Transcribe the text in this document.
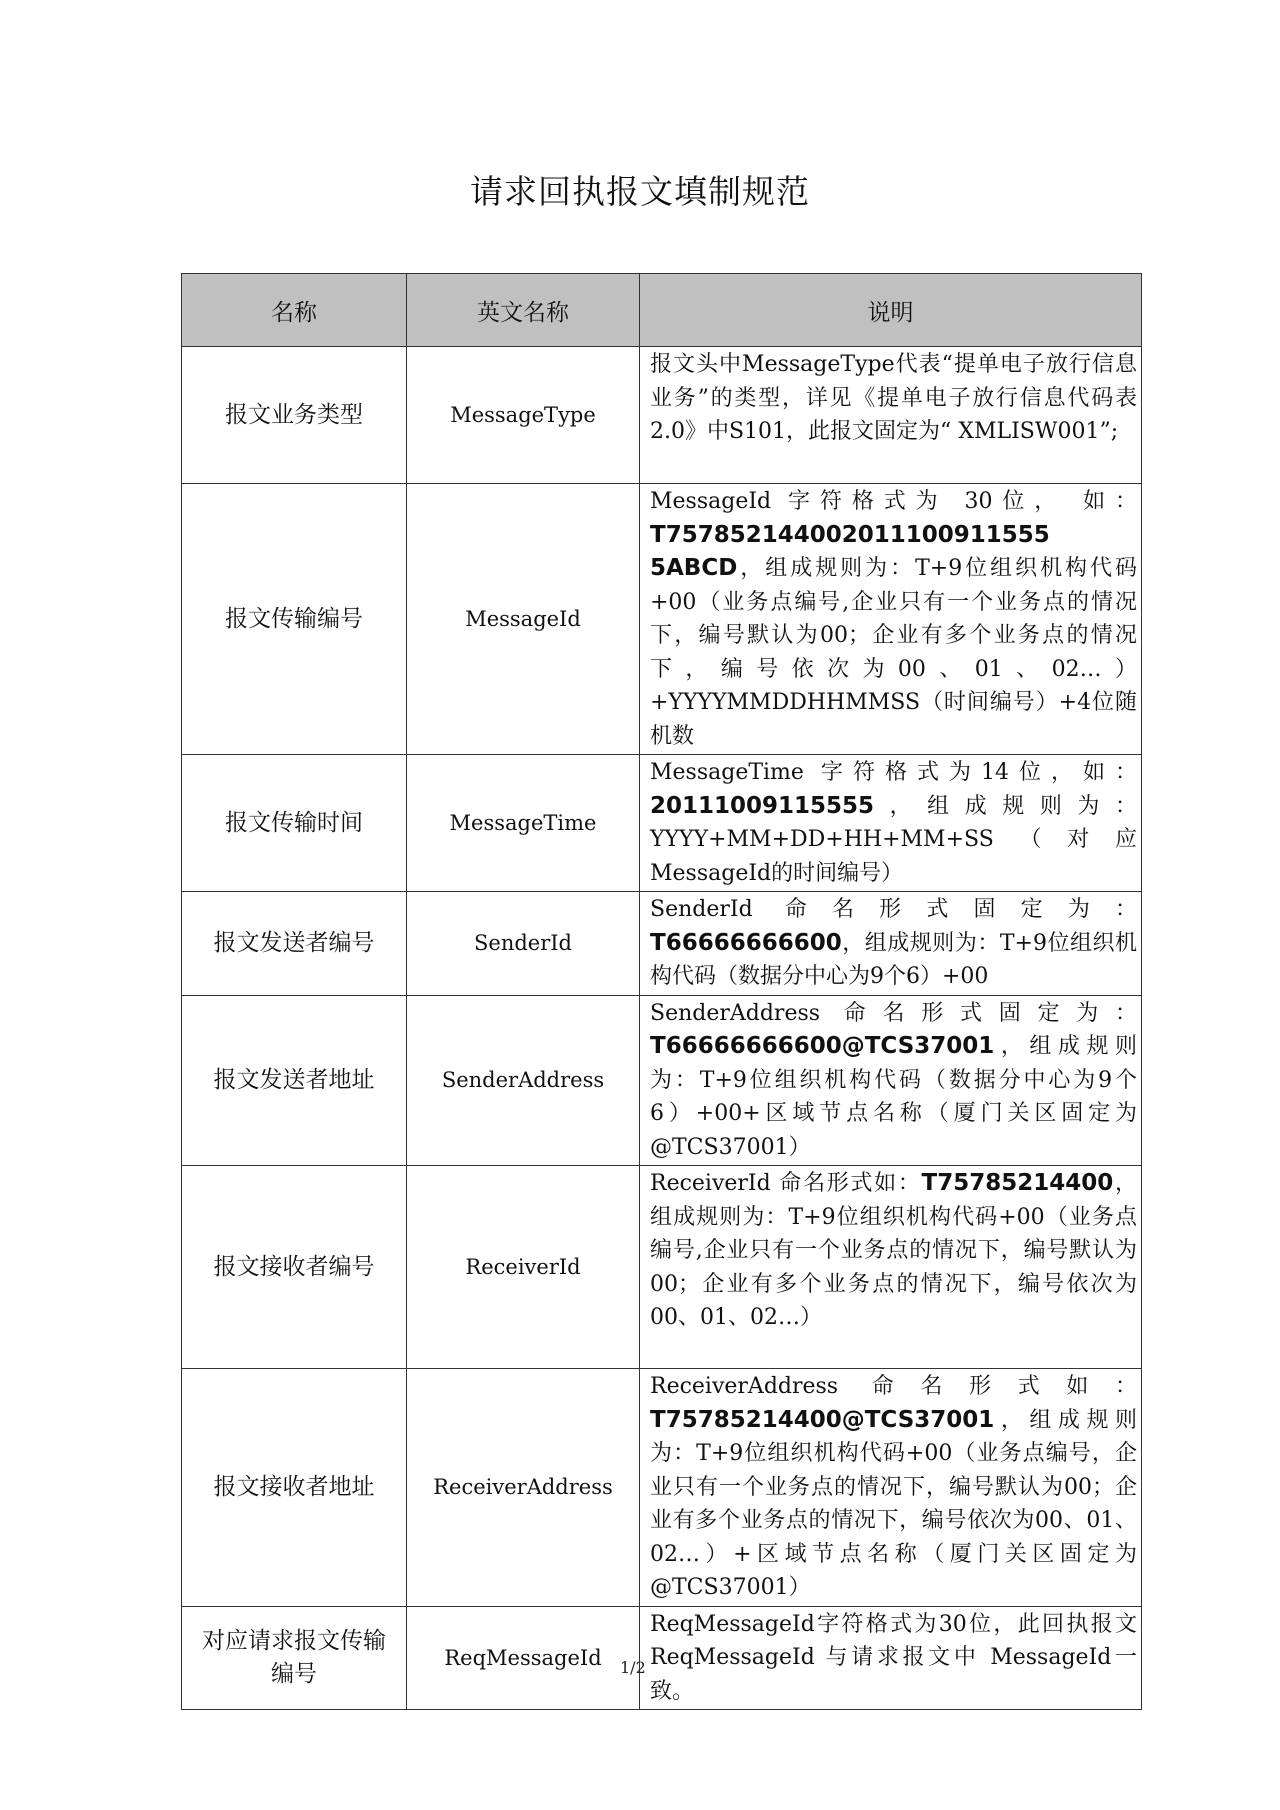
请求回执报文填制规范
名称	英文名称	说明
报文业务类型	MessageType	报文头中MessageType代表“提单电子放行信息业务”的类型，详见《提单电子放行信息代码表2.0》中S101，此报文固定为“ XMLISW001”;
报文传输编号	MessageId	MessageId 字符格式为 30位， 如：T757852144002011100911555 5ABCD，组成规则为：T+9位组织机构代码+00（业务点编号,企业只有一个业务点的情况下，编号默认为00；企业有多个业务点的情况下，编号依次为00、01、02…）+YYYYMMDDHHMMSS（时间编号）+4位随机数
报文传输时间	MessageTime	MessageTime 字符格式为14位，如：20111009115555，组成规则为：YYYY+MM+DD+HH+MM+SS（对应MessageId的时间编号）
报文发送者编号	SenderId	SenderId 命名形式固定为：T66666666600，组成规则为：T+9位组织机构代码（数据分中心为9个6）+00
报文发送者地址	SenderAddress	SenderAddress 命名形式固定为：T66666666600@TCS37001，组成规则为：T+9位组织机构代码（数据分中心为9个6）+00+区域节点名称（厦门关区固定为@TCS37001）
报文接收者编号	ReceiverId	ReceiverId 命名形式如：T75785214400，组成规则为：T+9位组织机构代码+00（业务点编号,企业只有一个业务点的情况下，编号默认为00；企业有多个业务点的情况下，编号依次为00、01、02…）
报文接收者地址	ReceiverAddress	ReceiverAddress 命名形式如：T75785214400@TCS37001，组成规则为：T+9位组织机构代码+00（业务点编号，企业只有一个业务点的情况下，编号默认为00；企业有多个业务点的情况下，编号依次为00、01、02…）+区域节点名称（厦门关区固定为@TCS37001）
对应请求报文传输编号	ReqMessageId	ReqMessageId字符格式为30位，此回执报文 ReqMessageId 与请求报文中 MessageId一致。
1/2
